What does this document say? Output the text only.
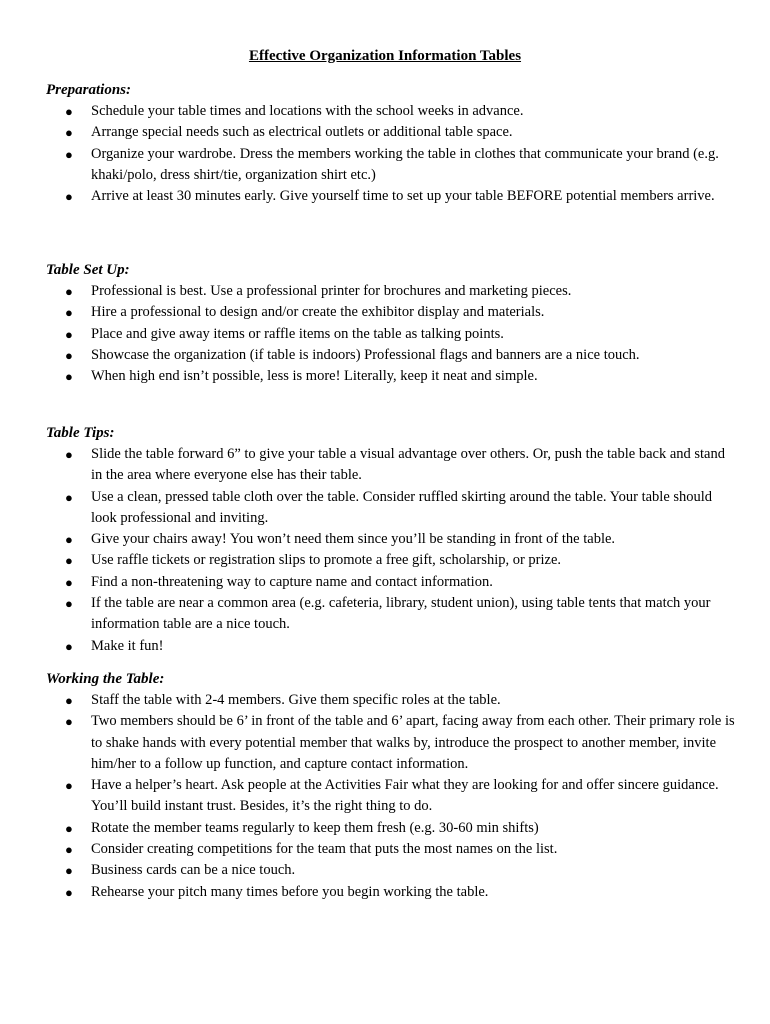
Effective Organization Information Tables

Preparations:

● Schedule your table times and locations with the school weeks in advance.
● Arrange special needs such as electrical outlets or additional table space.
● Organize your wardrobe. Dress the members working the table in clothes that communicate your brand (e.g. khaki/polo, dress shirt/tie, organization shirt etc.)
● Arrive at least 30 minutes early. Give yourself time to set up your table BEFORE potential members arrive.

Table Set Up:

● Professional is best. Use a professional printer for brochures and marketing pieces.
● Hire a professional to design and/or create the exhibitor display and materials.
● Place and give away items or raffle items on the table as talking points.
● Showcase the organization (if table is indoors) Professional flags and banners are a nice touch.
● When high end isn’t possible, less is more! Literally, keep it neat and simple.

Table Tips:

● Slide the table forward 6” to give your table a visual advantage over others. Or, push the table back and stand in the area where everyone else has their table.
● Use a clean, pressed table cloth over the table. Consider ruffled skirting around the table. Your table should look professional and inviting.
● Give your chairs away! You won’t need them since you’ll be standing in front of the table.
● Use raffle tickets or registration slips to promote a free gift, scholarship, or prize.
● Find a non-threatening way to capture name and contact information.
● If the table are near a common area (e.g. cafeteria, library, student union), using table tents that match your information table are a nice touch.
● Make it fun!

Working the Table:

● Staff the table with 2-4 members. Give them specific roles at the table.
● Two members should be 6’ in front of the table and 6’ apart, facing away from each other. Their primary role is to shake hands with every potential member that walks by, introduce the prospect to another member, invite him/her to a follow up function, and capture contact information.
● Have a helper’s heart. Ask people at the Activities Fair what they are looking for and offer sincere guidance. You’ll build instant trust. Besides, it’s the right thing to do.
● Rotate the member teams regularly to keep them fresh (e.g. 30-60 min shifts)
● Consider creating competitions for the team that puts the most names on the list.
● Business cards can be a nice touch.
● Rehearse your pitch many times before you begin working the table.
